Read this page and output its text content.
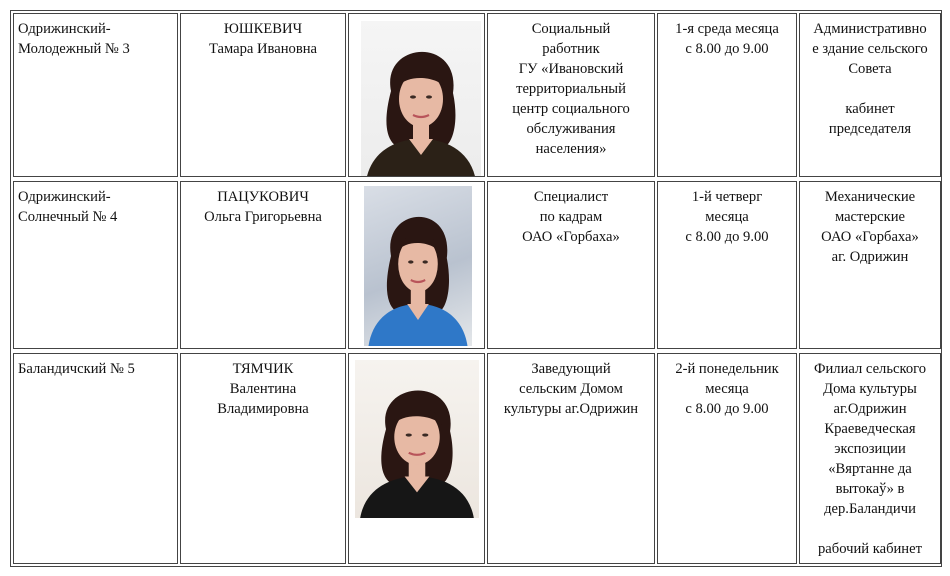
Одрижинский-
Молодежный № 3
ЮШКЕВИЧ
Тамара Ивановна
Социальный
работник
ГУ «Ивановский
территориальный
центр социального
обслуживания
населения»
1-я среда месяца
с 8.00 до 9.00
Административно
е здание сельского
Совета
кабинет
председателя
Одрижинский-
Солнечный № 4
ПАЦУКОВИЧ
Ольга Григорьевна
Специалист
по кадрам
ОАО «Горбаха»
1-й четверг
месяца
с 8.00 до 9.00
Механические
мастерские
ОАО «Горбаха»
аг. Одрижин
Баландичский № 5	ТЯМЧИК
Валентина
Владимировна
Заведующий
сельским Домом
культуры аг.Одрижин
2-й понедельник
месяца
с 8.00 до 9.00
Филиал сельского
Дома культуры
аг.Одрижин
Краеведческая
экспозиции
«Вяртанне да
вытокаў» в
дер.Баландичи
рабочий кабинет
